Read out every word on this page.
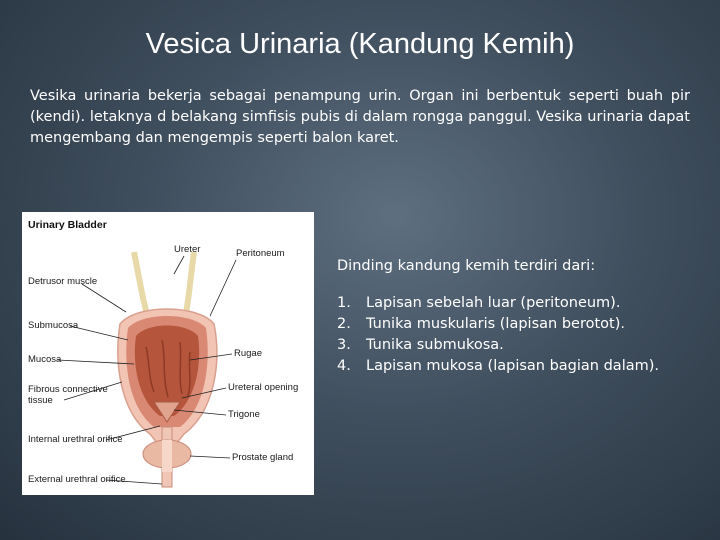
Vesica Urinaria (Kandung Kemih)
Vesika urinaria bekerja sebagai penampung urin. Organ ini berbentuk seperti buah pir (kendi). letaknya d belakang simfisis pubis di dalam rongga panggul. Vesika urinaria dapat mengembang dan mengempis seperti balon karet.
Urinary Bladder
Detrusor muscle
Submucosa
Mucosa
Fibrous connective
tissue
Internal urethral orifice
External urethral orifice
Ureter	Peritoneum
Rugae
Ureteral opening
Trigone
Prostate gland

Dinding kandung kemih terdiri dari:

1.	Lapisan sebelah luar (peritoneum).
2.	Tunika muskularis (lapisan berotot).
3.	Tunika submukosa.
4.	Lapisan mukosa (lapisan bagian dalam).
